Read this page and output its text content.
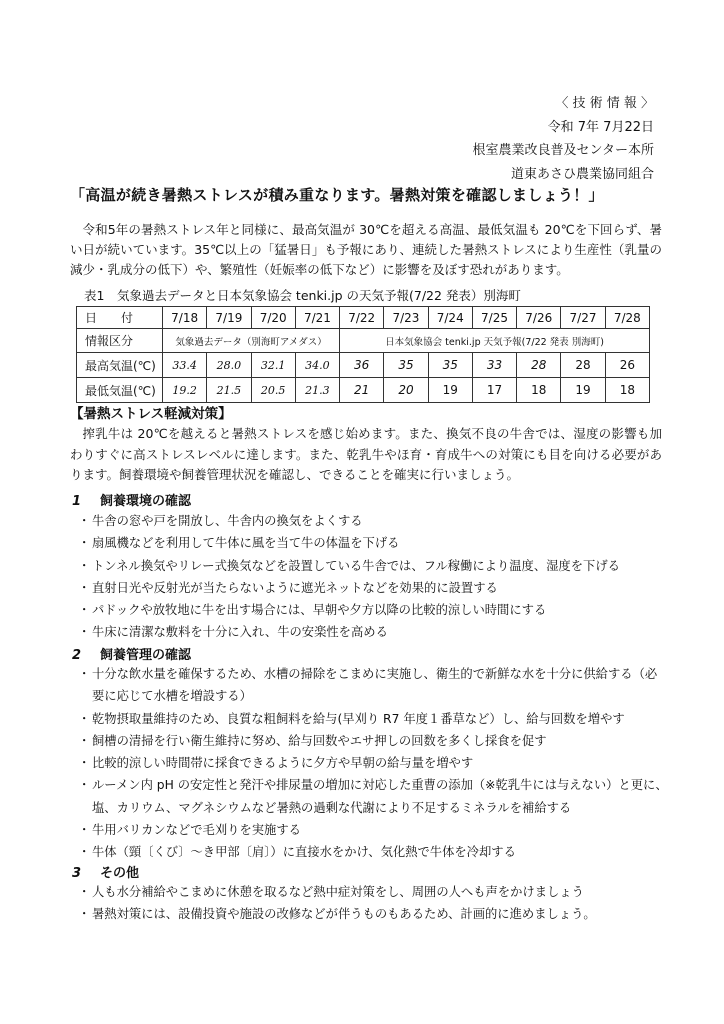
〈 技 術 情 報 〉
令和 7年 7月22日
根室農業改良普及センター本所
道東あさひ農業協同組合
「高温が続き暑熱ストレスが積み重なります。暑熱対策を確認しましょう！」
令和5年の暑熱ストレス年と同様に、最高気温が 30℃を超える高温、最低気温も 20℃を下回らず、暑い日が続いています。35℃以上の「猛暑日」も予報にあり、連続した暑熱ストレスにより生産性（乳量の減少・乳成分の低下）や、繁殖性（妊娠率の低下など）に影響を及ぼす恐れがあります。
表1　気象過去データと日本気象協会 tenki.jp の天気予報(7/22 発表）別海町
日　　付	7/18	7/19	7/20	7/21	7/22	7/23	7/24	7/25	7/26	7/27	7/28
情報区分	気象過去データ（別海町アメダス）				日本気象協会 tenki.jp 天気予報(7/22 発表 別海町)						
最高気温(℃)	33.4	28.0	32.1	34.0	36	35	35	33	28	28	26
最低気温(℃)	19.2	21.5	20.5	21.3	21	20	19	17	18	19	18
【暑熱ストレス軽減対策】
搾乳牛は 20℃を越えると暑熱ストレスを感じ始めます。また、換気不良の牛舎では、湿度の影響も加わりすぐに高ストレスレベルに達します。また、乾乳牛やほ育・育成牛への対策にも目を向ける必要があります。飼養環境や飼養管理状況を確認し、できることを確実に行いましょう。
1 飼養環境の確認
・ 牛舎の窓や戸を開放し、牛舎内の換気をよくする
・ 扇風機などを利用して牛体に風を当て牛の体温を下げる
・ トンネル換気やリレー式換気などを設置している牛舎では、フル稼働により温度、湿度を下げる
・ 直射日光や反射光が当たらないように遮光ネットなどを効果的に設置する
・ パドックや放牧地に牛を出す場合には、早朝や夕方以降の比較的涼しい時間にする
・ 牛床に清潔な敷料を十分に入れ、牛の安楽性を高める
2 飼養管理の確認
・ 十分な飲水量を確保するため、水槽の掃除をこまめに実施し、衛生的で新鮮な水を十分に供給する（必要に応じて水槽を増設する）
・ 乾物摂取量維持のため、良質な粗飼料を給与(早刈り R7 年度１番草など）し、給与回数を増やす
・ 飼槽の清掃を行い衛生維持に努め、給与回数やエサ押しの回数を多くし採食を促す
・ 比較的涼しい時間帯に採食できるように夕方や早朝の給与量を増やす
・ ルーメン内 pH の安定性と発汗や排尿量の増加に対応した重曹の添加（※乾乳牛には与えない）と更に、塩、カリウム、マグネシウムなど暑熱の過剰な代謝により不足するミネラルを補給する
・ 牛用バリカンなどで毛刈りを実施する
・ 牛体（頸〔くび〕～き甲部〔肩〕）に直接水をかけ、気化熱で牛体を冷却する
3 その他
・ 人も水分補給やこまめに休憩を取るなど熱中症対策をし、周囲の人へも声をかけましょう
・ 暑熱対策には、設備投資や施設の改修などが伴うものもあるため、計画的に進めましょう。
